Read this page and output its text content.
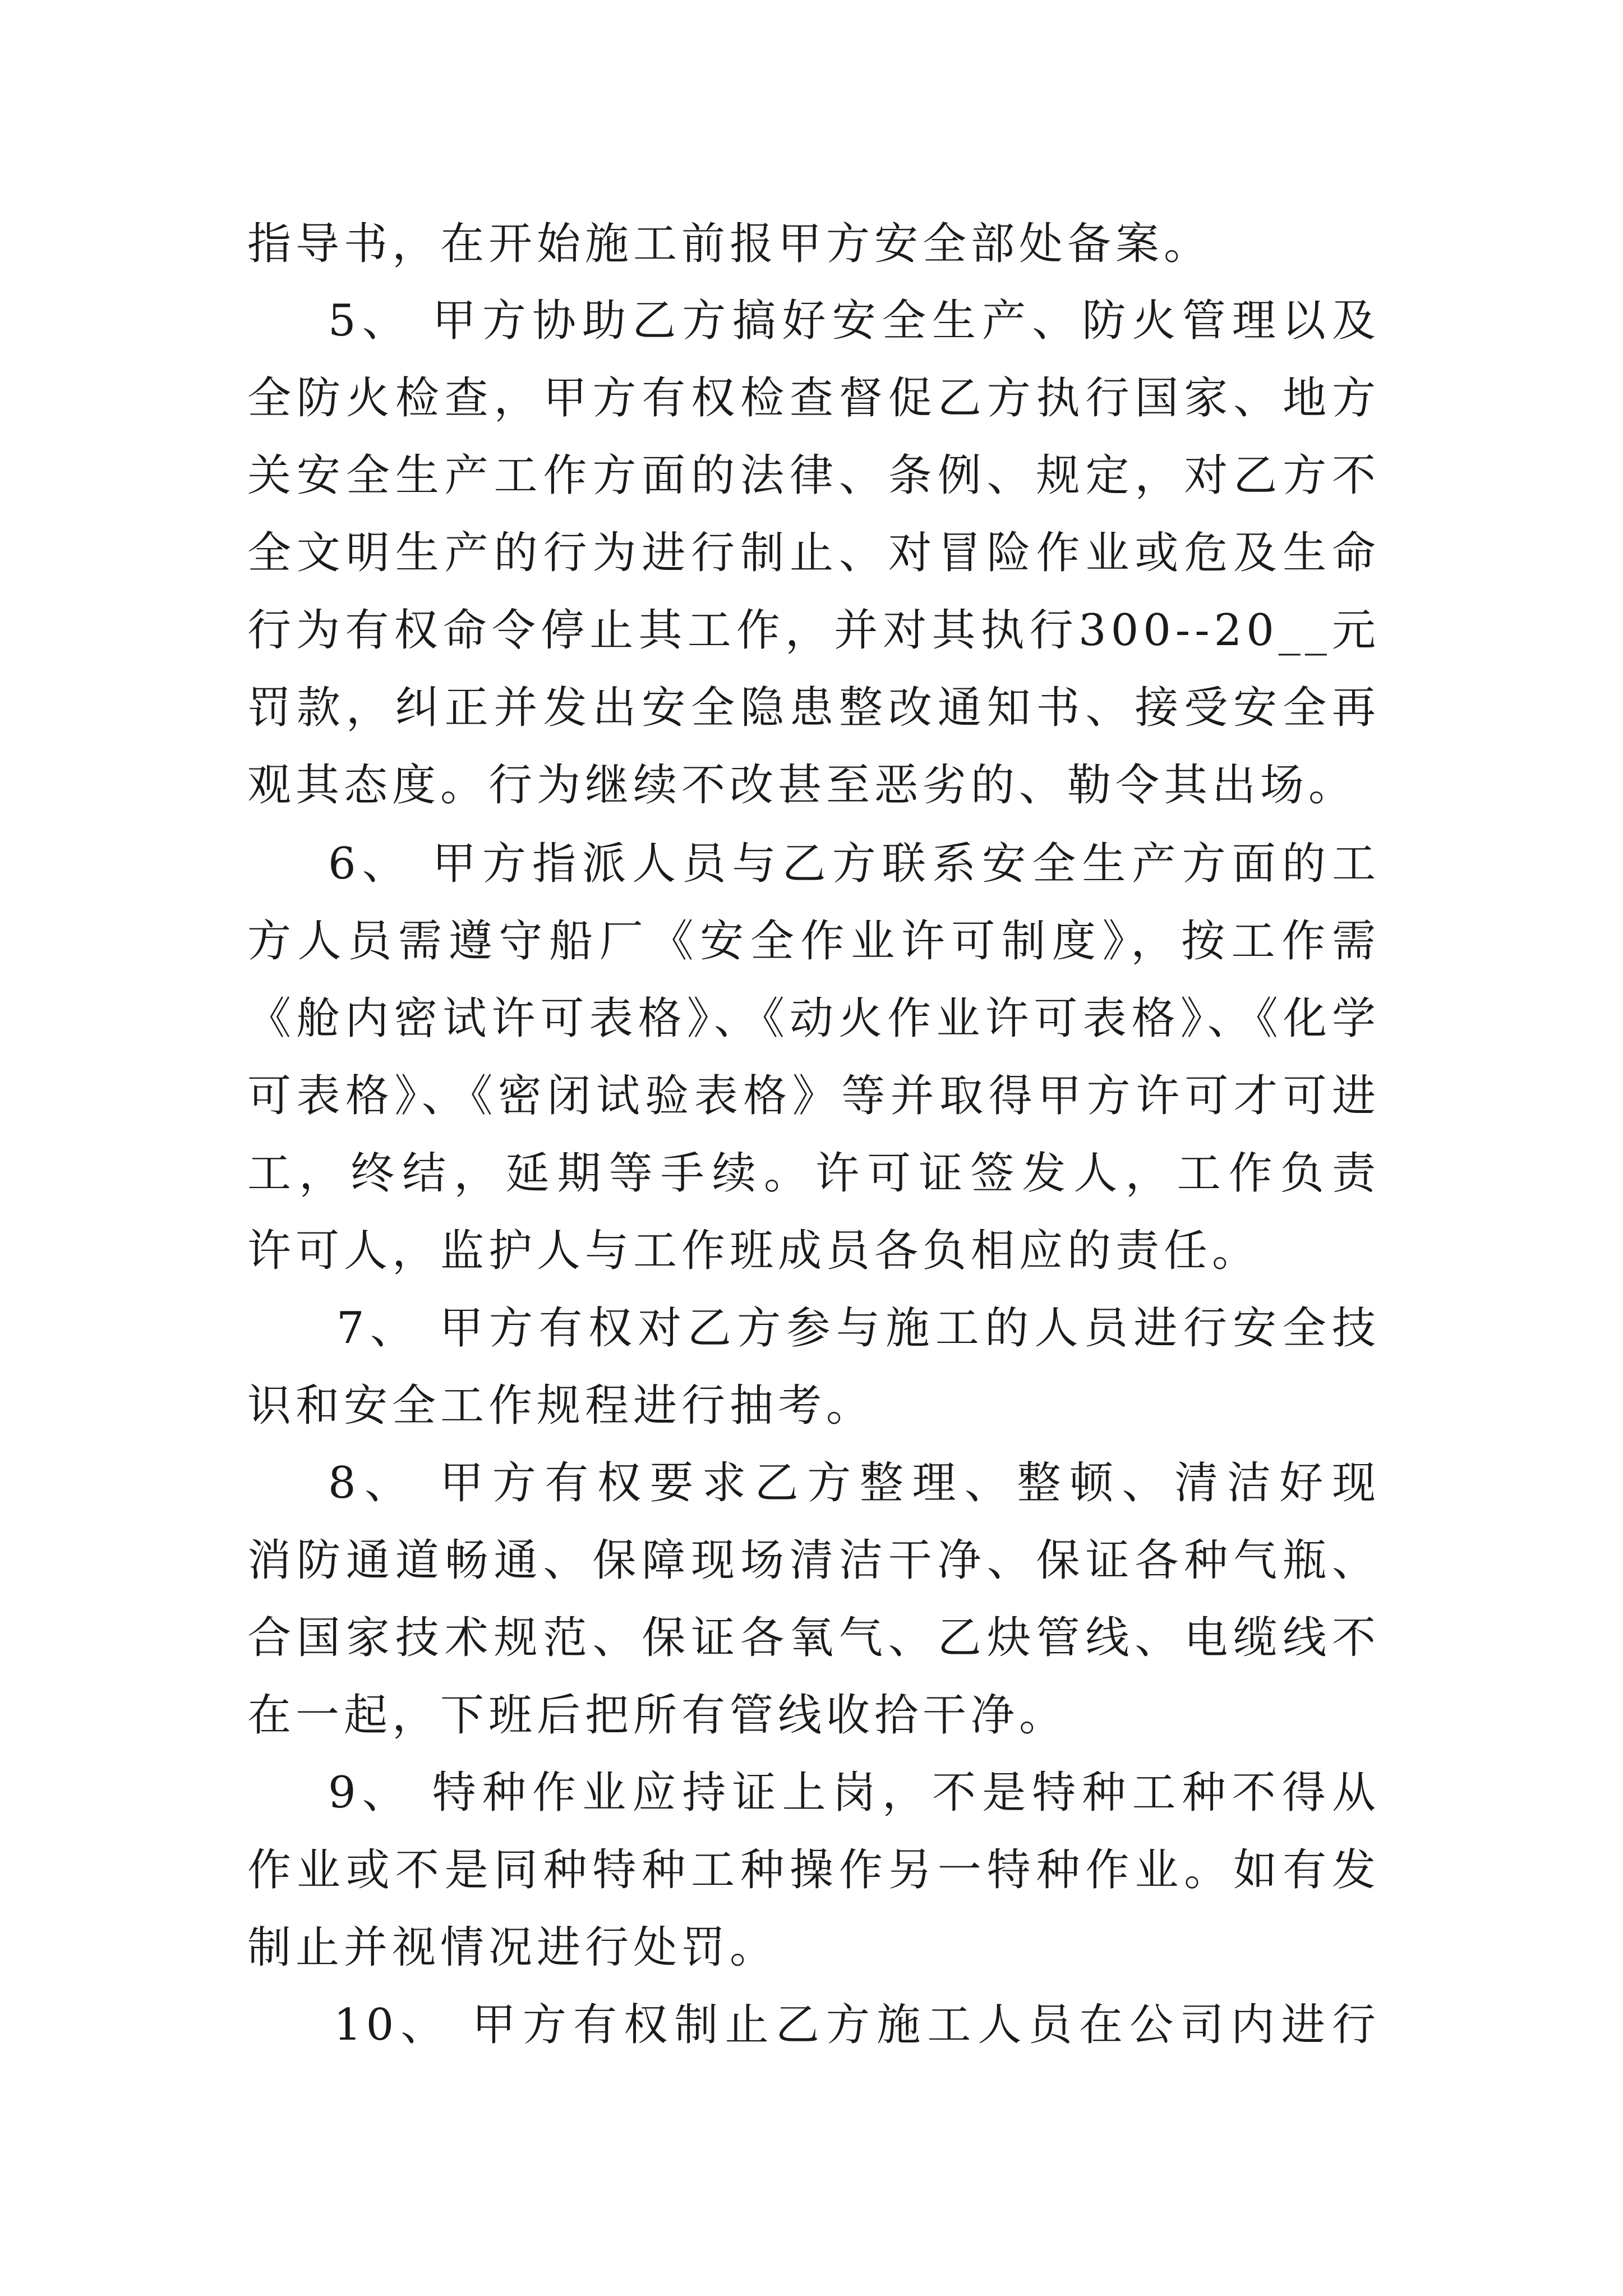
指导书，在开始施工前报甲方安全部处备案。

5、 甲方协助乙方搞好安全生产、防火管理以及

全防火检查，甲方有权检查督促乙方执行国家、地方

关安全生产工作方面的法律、条例、规定，对乙方不

全文明生产的行为进行制止、对冒险作业或危及生命

行为有权命令停止其工作，并对其执行300--20__元

罚款，纠正并发出安全隐患整改通知书、接受安全再

观其态度。行为继续不改甚至恶劣的、勒令其出场。

6、 甲方指派人员与乙方联系安全生产方面的工

方人员需遵守船厂《安全作业许可制度》，按工作需

《舱内密试许可表格》、《动火作业许可表格》、《化学

可表格》、《密闭试验表格》等并取得甲方许可才可进

工，终结，延期等手续。许可证签发人，工作负责

许可人，监护人与工作班成员各负相应的责任。

7、 甲方有权对乙方参与施工的人员进行安全技

识和安全工作规程进行抽考。

8、 甲方有权要求乙方整理、整顿、清洁好现

消防通道畅通、保障现场清洁干净、保证各种气瓶、

合国家技术规范、保证各氧气、乙炔管线、电缆线不

在一起，下班后把所有管线收拾干净。

9、 特种作业应持证上岗，不是特种工种不得从

作业或不是同种特种工种操作另一特种作业。如有发

制止并视情况进行处罚。

10、 甲方有权制止乙方施工人员在公司内进行
